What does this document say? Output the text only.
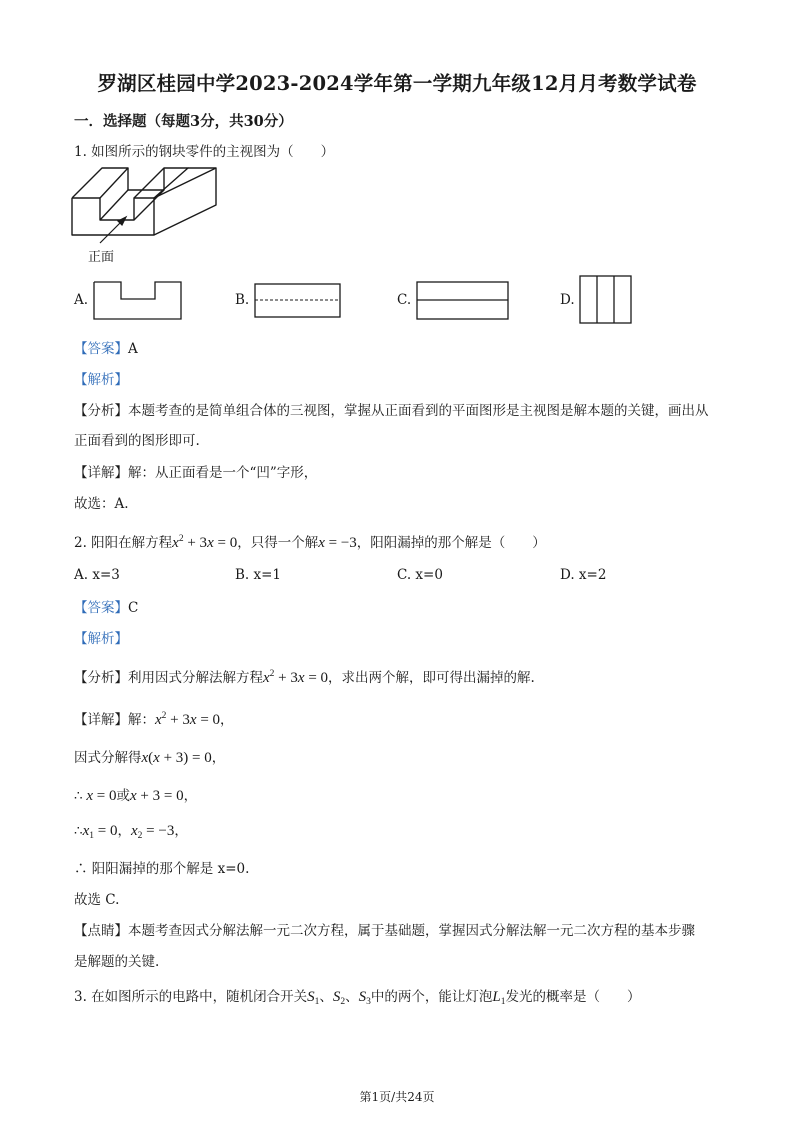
罗湖区桂园中学2023-2024学年第一学期九年级12月月考数学试卷
一．选择题（每题3分，共30分）
1. 如图所示的钢块零件的主视图为（　　）
正面
A.	B.	C.	D.
【答案】A
【解析】
【分析】本题考查的是简单组合体的三视图，掌握从正面看到的平面图形是主视图是解本题的关键，画出从
正面看到的图形即可.
【详解】解：从正面看是一个“凹”字形，
故选：A.
2. 阳阳在解方程$x^2 + 3x = 0$，只得一个解x = −3，阳阳漏掉的那个解是（　　）
A. x=3	B. x=1	C. x=0	D. x=2
【答案】C
【解析】
【分析】利用因式分解法解方程$x^2 + 3x = 0$，求出两个解，即可得出漏掉的解.
【详解】解：$x^2 + 3x = 0$，
因式分解得x(x + 3) = 0，
∴ x = 0或x + 3 = 0，
$\therefore x_1 = 0$，$x_2 = -3$，
∴ 阳阳漏掉的那个解是 x=0.
故选 C.
【点睛】本题考查因式分解法解一元二次方程，属于基础题，掌握因式分解法解一元二次方程的基本步骤
是解题的关键.
3. 在如图所示的电路中，随机闭合开关$S_1$、$S_2$、$S_3$中的两个，能让灯泡$L_1$发光的概率是（　　）
第1页/共24页
